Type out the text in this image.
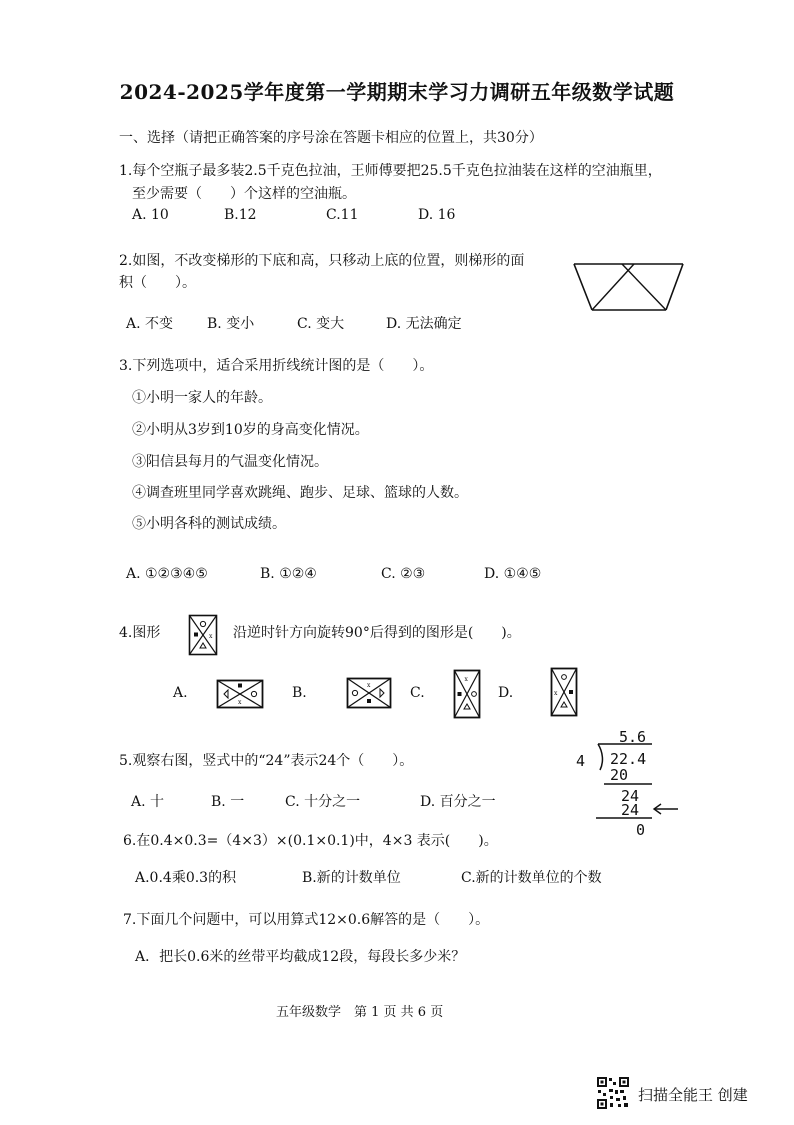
2024-2025学年度第一学期期末学习力调研五年级数学试题
一、选择（请把正确答案的序号涂在答题卡相应的位置上，共30分）
1.每个空瓶子最多装2.5千克色拉油，王师傅要把25.5千克色拉油装在这样的空油瓶里，
至少需要（　　）个这样的空油瓶。
A. 10	B.12	C.11	D. 16
2.如图，不改变梯形的下底和高，只移动上底的位置，则梯形的面
积（　　）。
A. 不变 B. 变小	C. 变大	D. 无法确定
3.下列选项中，适合采用折线统计图的是（　　）。
①小明一家人的年龄。
②小明从3岁到10岁的身高变化情况。
③阳信县每月的气温变化情况。
④调查班里同学喜欢跳绳、跑步、足球、篮球的人数。
⑤小明各科的测试成绩。
A. ①②③④⑤	B. ①②④	C. ②③	D. ①④⑤
4.图形	x 沿逆时针方向旋转90°后得到的图形是(　　)。
A.
x
B.	x	C.
x
D.	x
5.观察右图，竖式中的“24”表示24个（　　）。
A. 十	B. 一	C. 十分之一	D. 百分之一
5.6
4 22.4
20
24
24
0
6.在0.4×0.3=（4×3）×(0.1×0.1)中，4×3 表示(　　)。
A.0.4乘0.3的积	B.新的计数单位	C.新的计数单位的个数
7.下面几个问题中，可以用算式12×0.6解答的是（　　）。
A．把长0.6米的丝带平均截成12段，每段长多少米？
五年级数学　第 1 页 共 6 页
扫描全能王 创建
